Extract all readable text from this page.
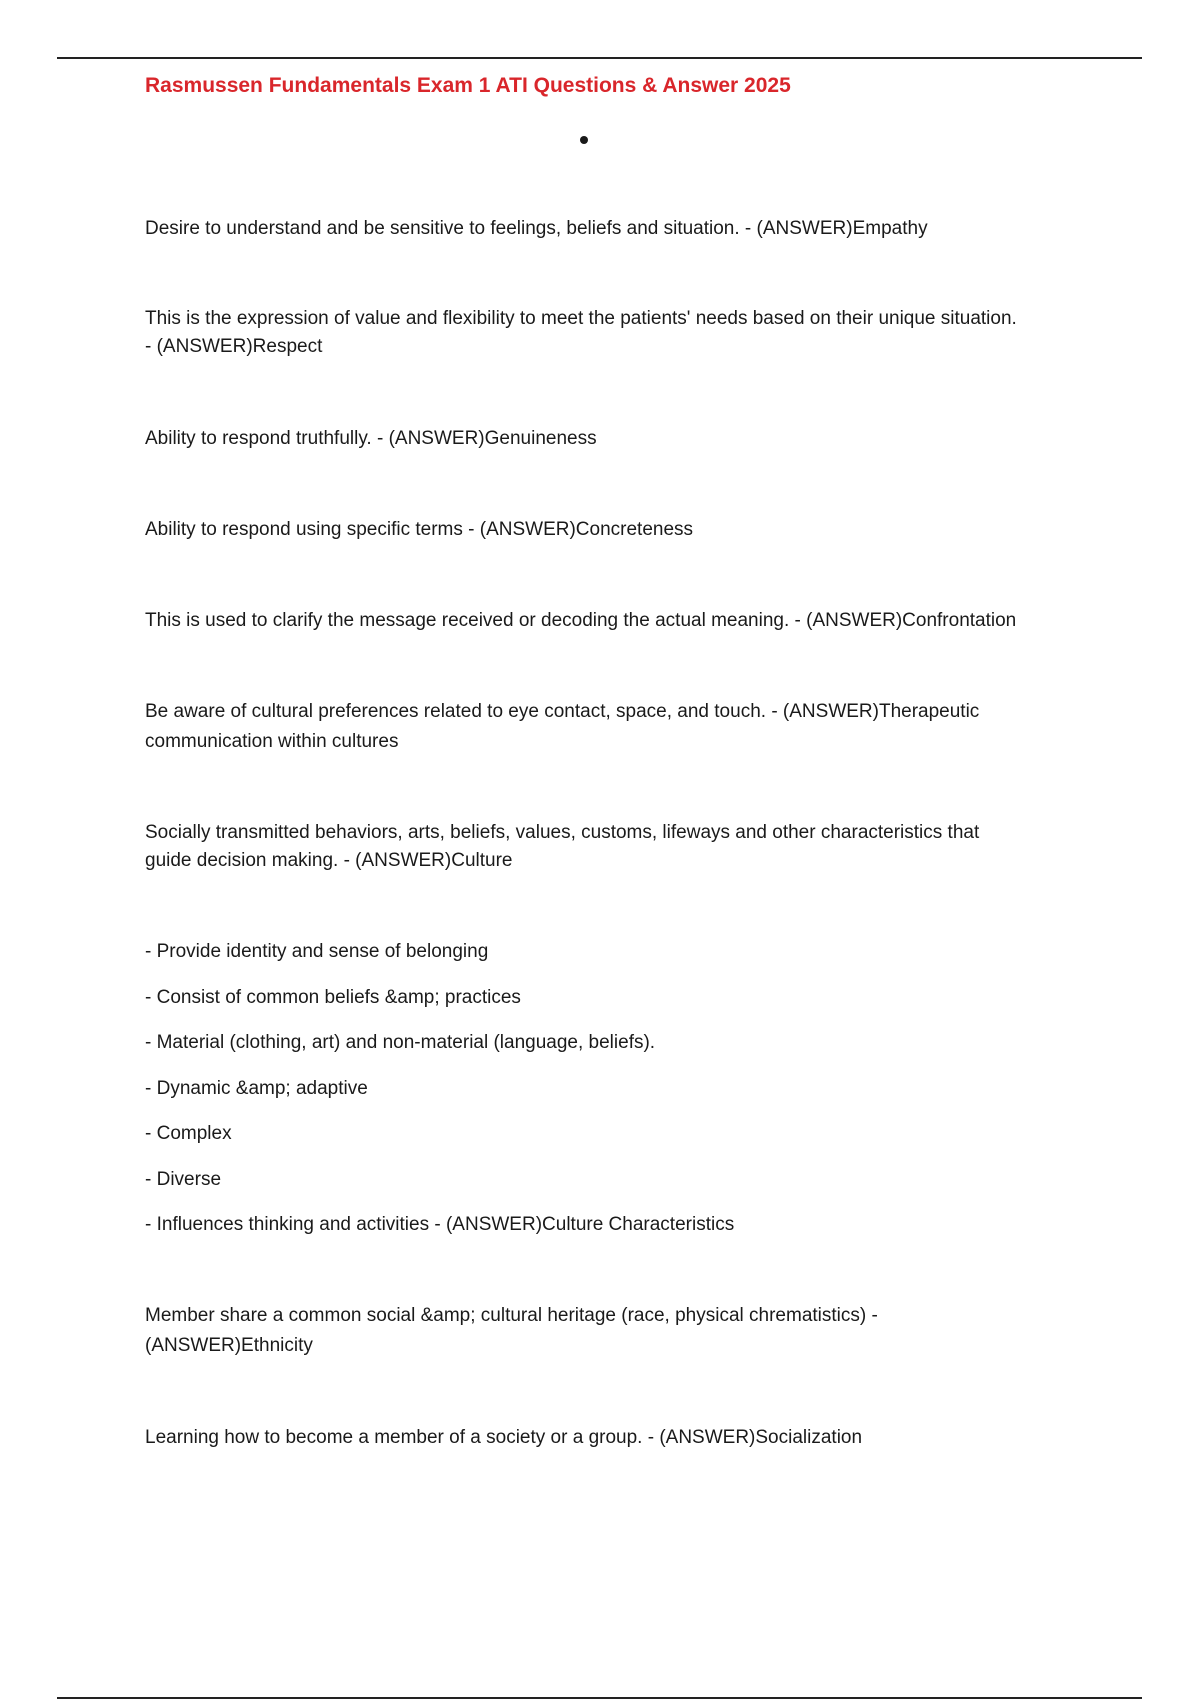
Rasmussen Fundamentals Exam 1 ATI Questions & Answer 2025
Desire to understand and be sensitive to feelings, beliefs and situation. - (ANSWER)Empathy
This is the expression of value and flexibility to meet the patients' needs based on their unique situation.
- (ANSWER)Respect
Ability to respond truthfully. - (ANSWER)Genuineness
Ability to respond using specific terms - (ANSWER)Concreteness
This is used to clarify the message received or decoding the actual meaning. - (ANSWER)Confrontation
Be aware of cultural preferences related to eye contact, space, and touch. - (ANSWER)Therapeutic
communication within cultures
Socially transmitted behaviors, arts, beliefs, values, customs, lifeways and other characteristics that
guide decision making. - (ANSWER)Culture
- Provide identity and sense of belonging
- Consist of common beliefs &amp; practices
- Material (clothing, art) and non-material (language, beliefs).
- Dynamic &amp; adaptive
- Complex
- Diverse
- Influences thinking and activities - (ANSWER)Culture Characteristics
Member share a common social &amp; cultural heritage (race, physical chrematistics) -
(ANSWER)Ethnicity
Learning how to become a member of a society or a group. - (ANSWER)Socialization
